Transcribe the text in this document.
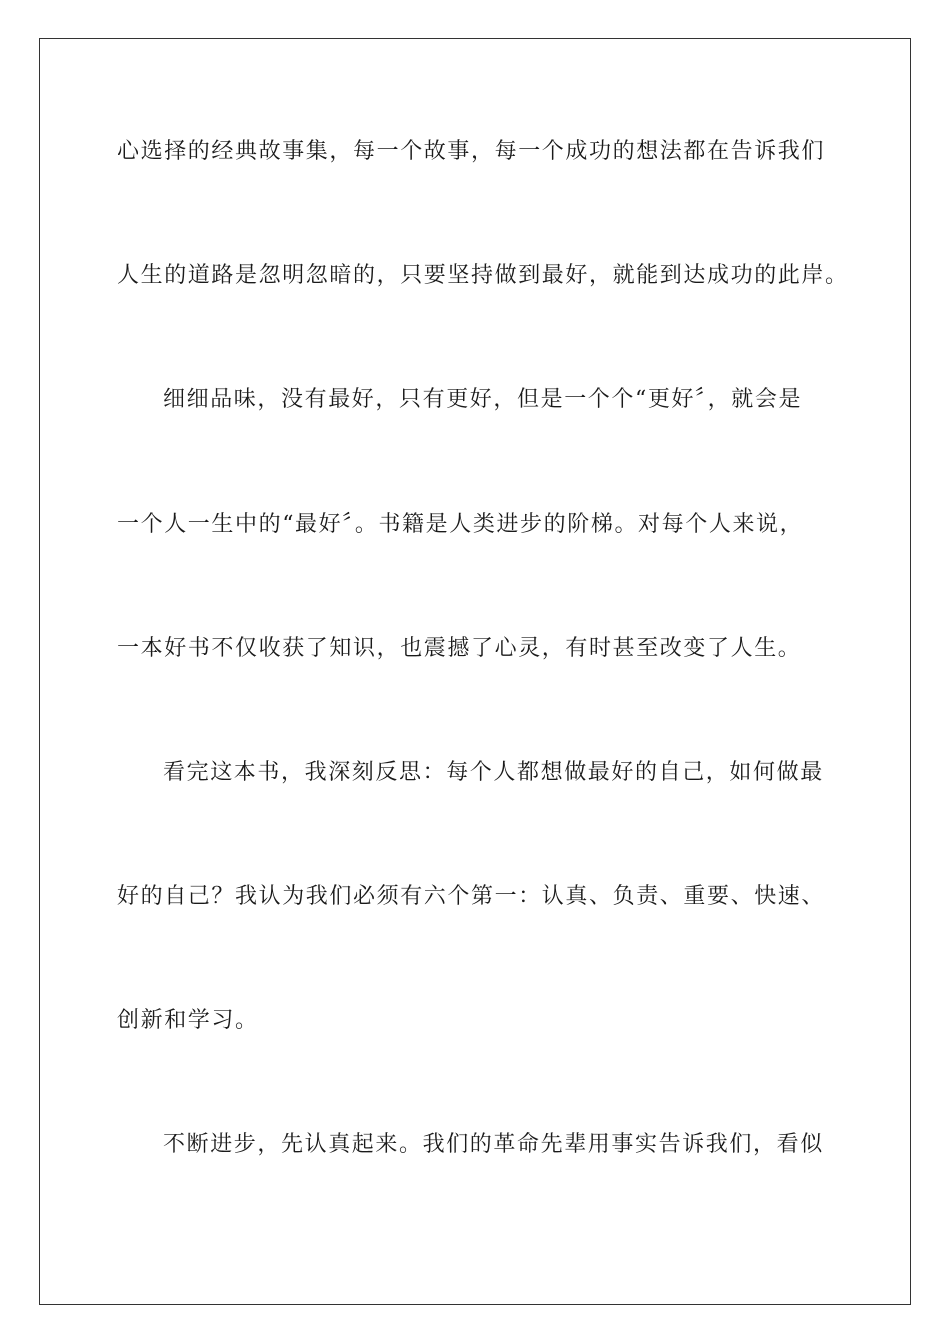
心选择的经典故事集，每一个故事，每一个成功的想法都在告诉我们
人生的道路是忽明忽暗的，只要坚持做到最好，就能到达成功的此岸。
细细品味，没有最好，只有更好，但是一个个“更好〞，就会是
一个人一生中的“最好〞。书籍是人类进步的阶梯。对每个人来说，
一本好书不仅收获了知识，也震撼了心灵，有时甚至改变了人生。
看完这本书，我深刻反思：每个人都想做最好的自己，如何做最
好的自己？我认为我们必须有六个第一：认真、负责、重要、快速、
创新和学习。
不断进步，先认真起来。我们的革命先辈用事实告诉我们，看似
